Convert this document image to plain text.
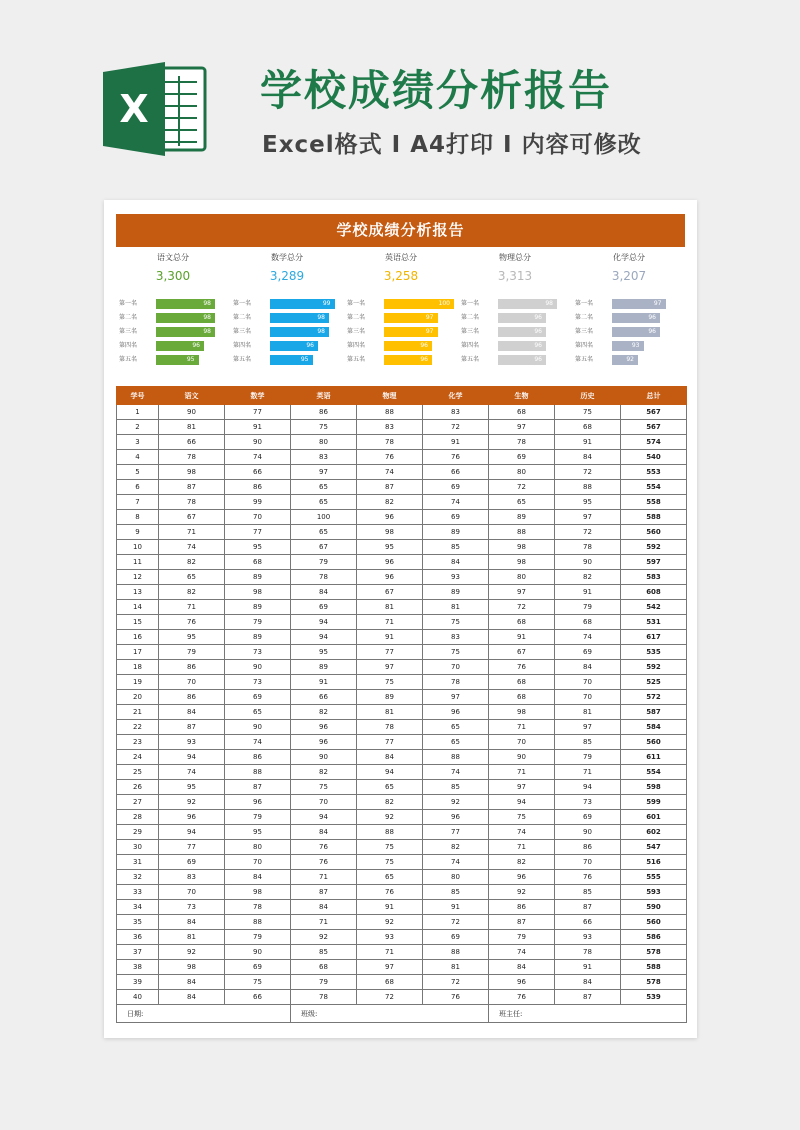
X	学校成绩分析报告
Excel格式 I A4打印 I 内容可修改
学校成绩分析报告
语文总分
3,300
数学总分
3,289
英语总分
3,258
物理总分
3,313
化学总分
3,207
第一名	98
第二名	98
第三名	98
第四名	96
第五名	95
第一名	99
第二名	98
第三名	98
第四名	96
第五名	95
第一名	100
第二名	97
第三名	97
第四名	96
第五名	96
第一名	98
第二名	96
第三名	96
第四名	96
第五名	96
第一名	97
第二名	96
第三名	96
第四名	93
第五名	92
学号	语文	数学	英语	物理	化学	生物	历史	总计
1	90	77	86	88	83	68	75	567
2	81	91	75	83	72	97	68	567
3	66	90	80	78	91	78	91	574
4	78	74	83	76	76	69	84	540
5	98	66	97	74	66	80	72	553
6	87	86	65	87	69	72	88	554
7	78	99	65	82	74	65	95	558
8	67	70	100	96	69	89	97	588
9	71	77	65	98	89	88	72	560
10	74	95	67	95	85	98	78	592
11	82	68	79	96	84	98	90	597
12	65	89	78	96	93	80	82	583
13	82	98	84	67	89	97	91	608
14	71	89	69	81	81	72	79	542
15	76	79	94	71	75	68	68	531
16	95	89	94	91	83	91	74	617
17	79	73	95	77	75	67	69	535
18	86	90	89	97	70	76	84	592
19	70	73	91	75	78	68	70	525
20	86	69	66	89	97	68	70	572
21	84	65	82	81	96	98	81	587
22	87	90	96	78	65	71	97	584
23	93	74	96	77	65	70	85	560
24	94	86	90	84	88	90	79	611
25	74	88	82	94	74	71	71	554
26	95	87	75	65	85	97	94	598
27	92	96	70	82	92	94	73	599
28	96	79	94	92	96	75	69	601
29	94	95	84	88	77	74	90	602
30	77	80	76	75	82	71	86	547
31	69	70	76	75	74	82	70	516
32	83	84	71	65	80	96	76	555
33	70	98	87	76	85	92	85	593
34	73	78	84	91	91	86	87	590
35	84	88	71	92	72	87	66	560
36	81	79	92	93	69	79	93	586
37	92	90	85	71	88	74	78	578
38	98	69	68	97	81	84	91	588
39	84	75	79	68	72	96	84	578
40	84	66	78	72	76	76	87	539
日期:			班级:			班主任:		
